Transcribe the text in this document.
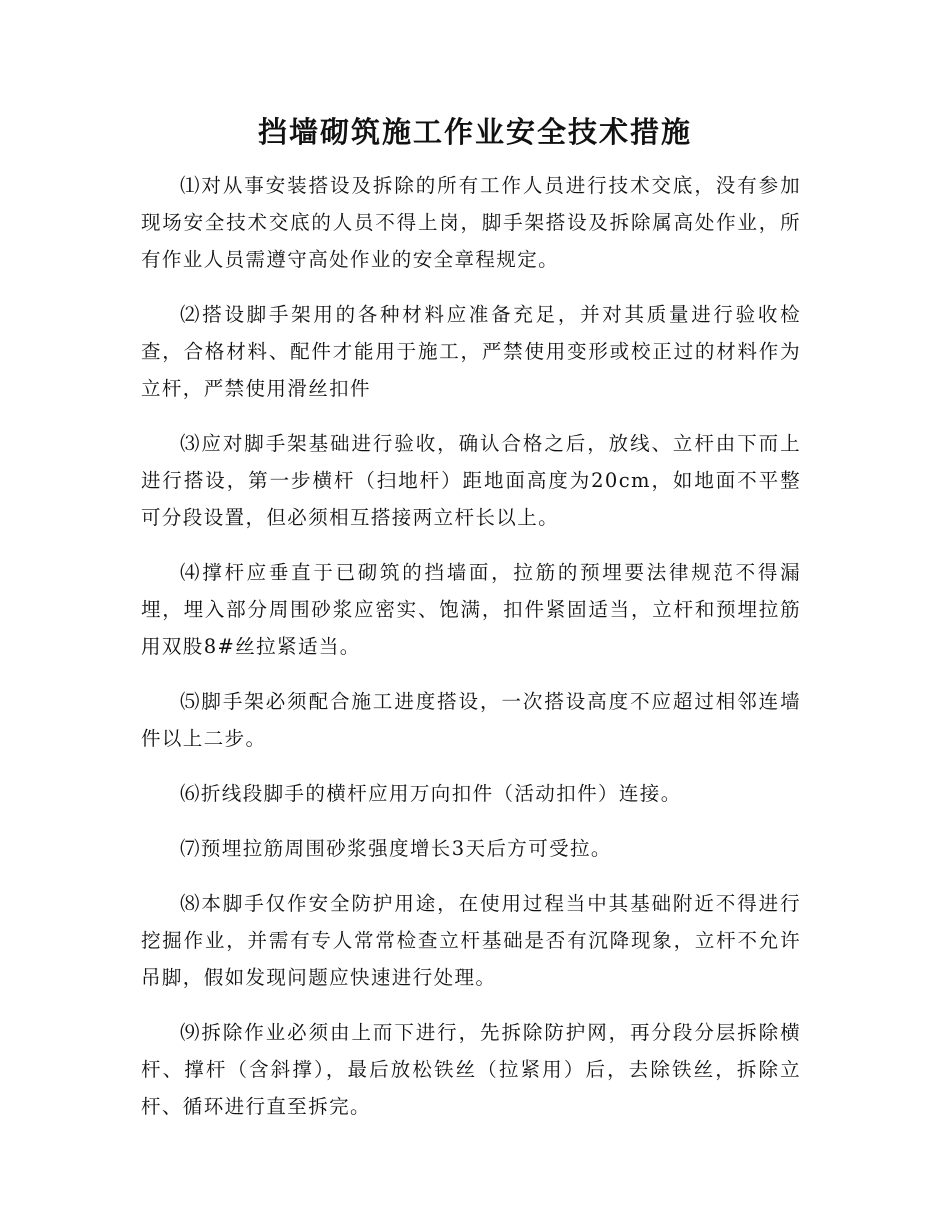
挡墙砌筑施工作业安全技术措施

⑴对从事安装搭设及拆除的所有工作人员进行技术交底，没有参加现场安全技术交底的人员不得上岗，脚手架搭设及拆除属高处作业，所有作业人员需遵守高处作业的安全章程规定。

⑵搭设脚手架用的各种材料应准备充足，并对其质量进行验收检查，合格材料、配件才能用于施工，严禁使用变形或校正过的材料作为立杆，严禁使用滑丝扣件

⑶应对脚手架基础进行验收，确认合格之后，放线、立杆由下而上进行搭设，第一步横杆（扫地杆）距地面高度为20cm，如地面不平整可分段设置，但必须相互搭接两立杆长以上。

⑷撑杆应垂直于已砌筑的挡墙面，拉筋的预埋要法律规范不得漏埋，埋入部分周围砂浆应密实、饱满，扣件紧固适当，立杆和预埋拉筋用双股8#丝拉紧适当。

⑸脚手架必须配合施工进度搭设，一次搭设高度不应超过相邻连墙件以上二步。

⑹折线段脚手的横杆应用万向扣件（活动扣件）连接。

⑺预埋拉筋周围砂浆强度增长3天后方可受拉。

⑻本脚手仅作安全防护用途，在使用过程当中其基础附近不得进行挖掘作业，并需有专人常常检查立杆基础是否有沉降现象，立杆不允许吊脚，假如发现问题应快速进行处理。

⑼拆除作业必须由上而下进行，先拆除防护网，再分段分层拆除横杆、撑杆（含斜撑），最后放松铁丝（拉紧用）后，去除铁丝，拆除立杆、循环进行直至拆完。
